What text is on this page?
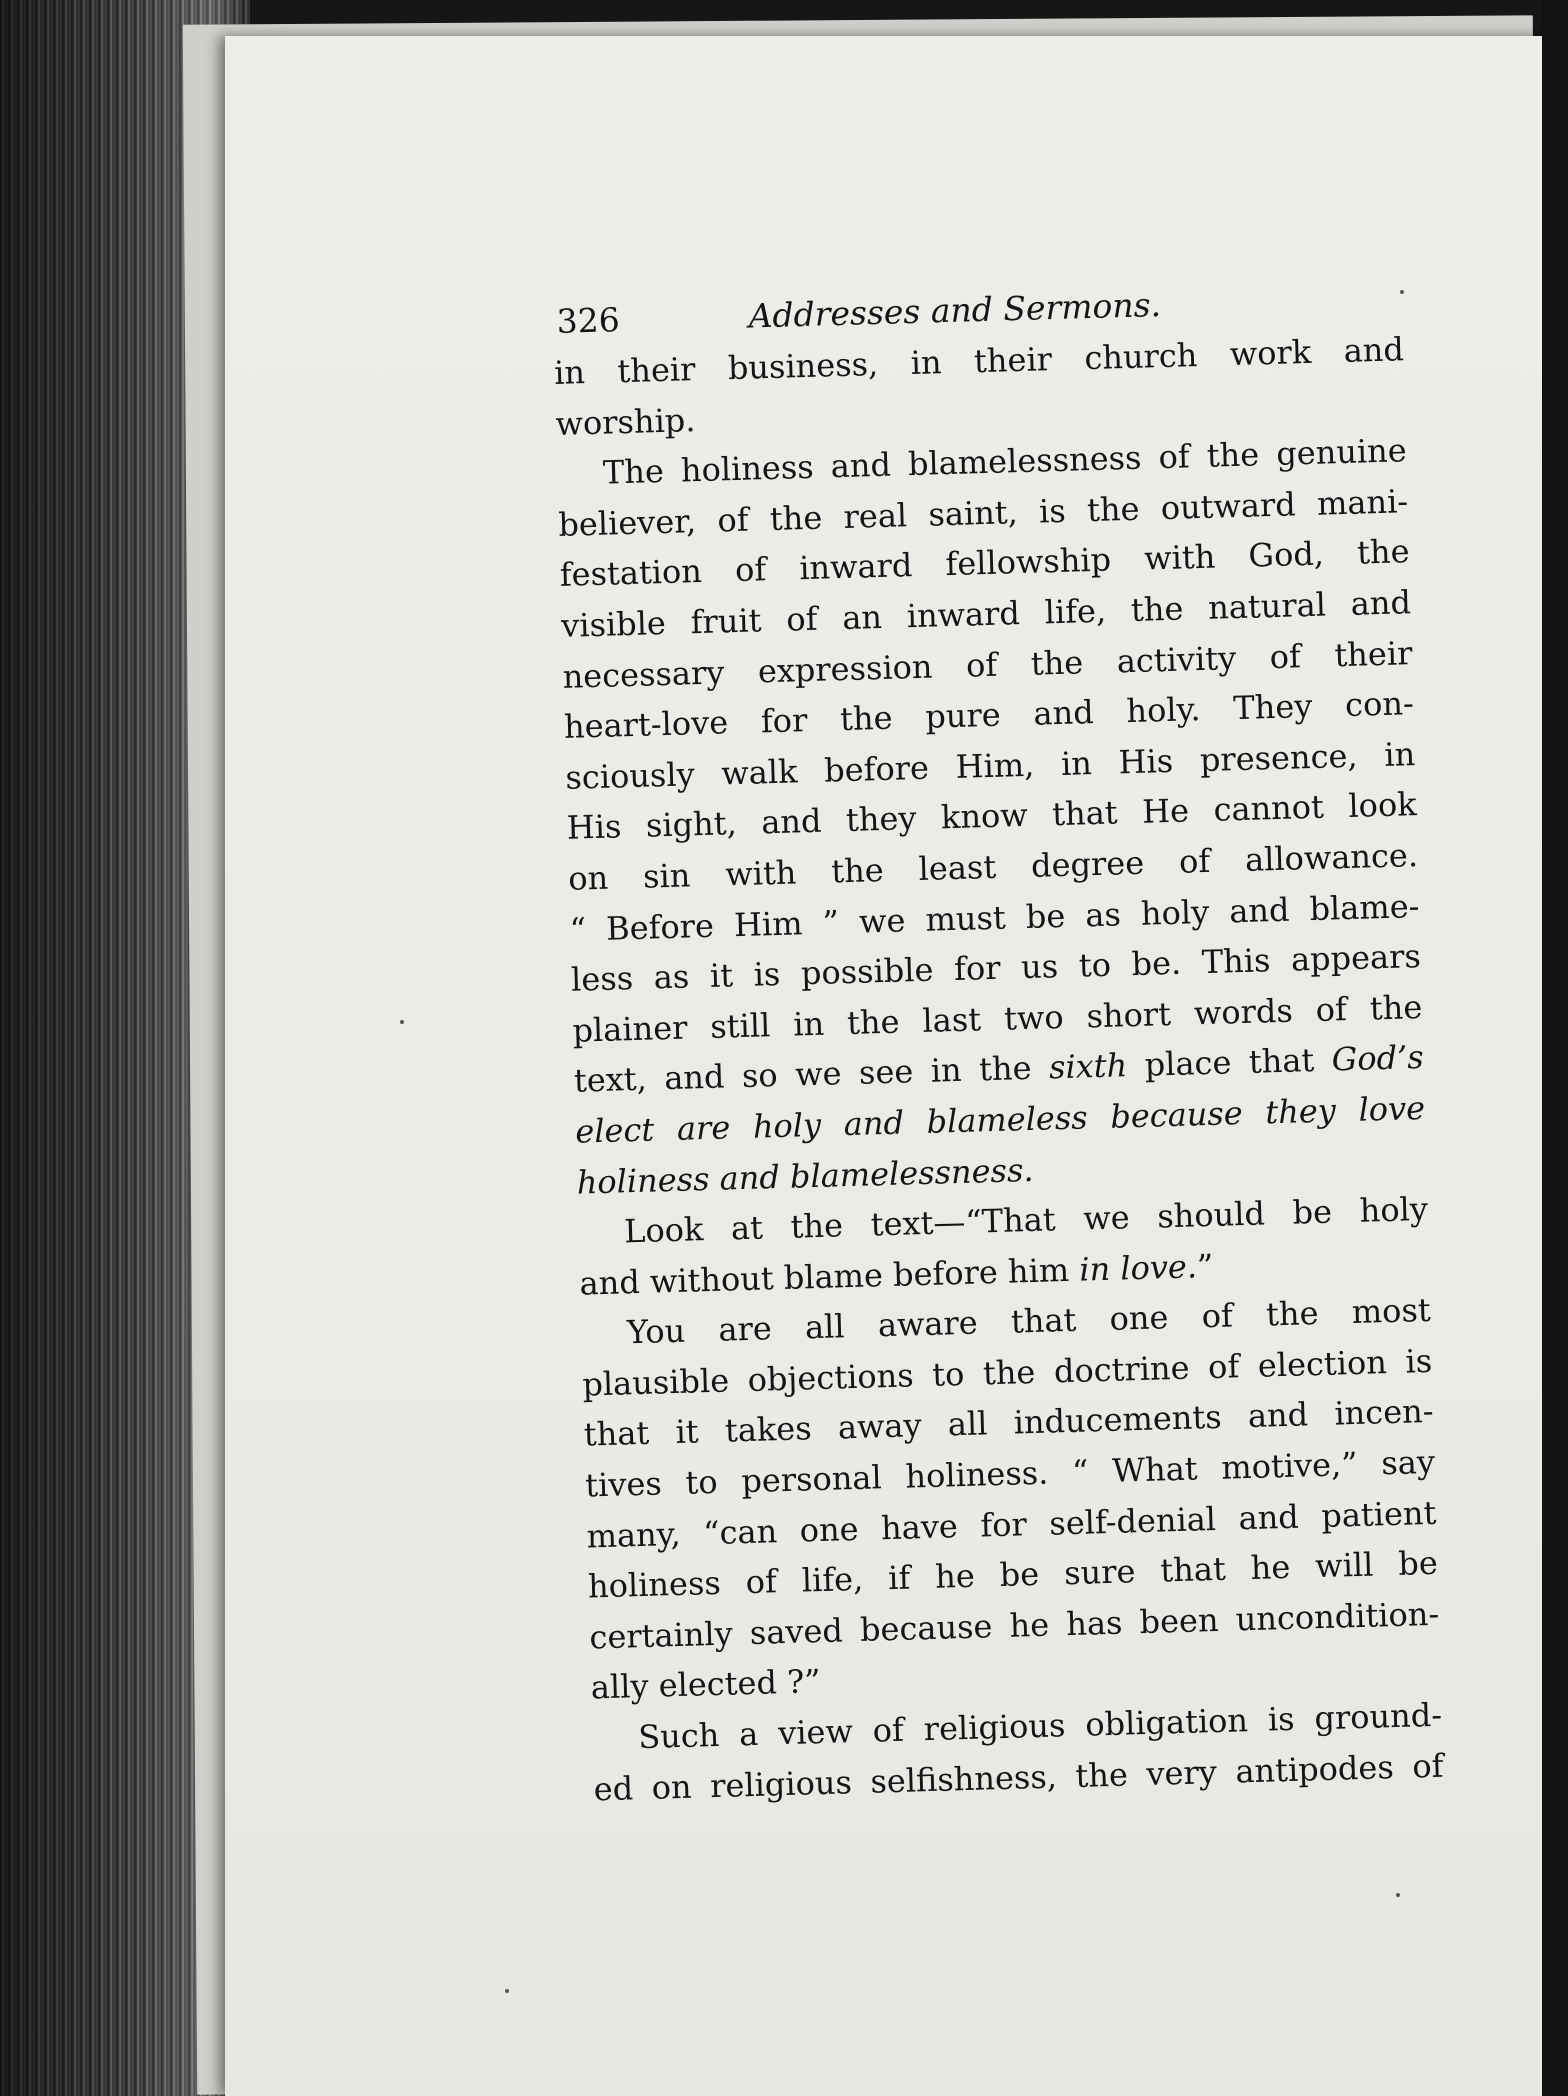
326	Addresses and Sermons.
in their business, in their church work and
worship.
The holiness and blamelessness of the genuine
believer, of the real saint, is the outward mani-
festation of inward fellowship with God, the
visible fruit of an inward life, the natural and
necessary expression of the activity of their
heart-love for the pure and holy. They con-
sciously walk before Him, in His presence, in
His sight, and they know that He cannot look
on sin with the least degree of allowance.
“ Before Him ” we must be as holy and blame-
less as it is possible for us to be. This appears
plainer still in the last two short words of the
text, and so we see in the sixth place that God’s
elect are holy and blameless because they love
holiness and blamelessness.
Look at the text—“That we should be holy
and without blame before him in love.”
You are all aware that one of the most
plausible objections to the doctrine of election is
that it takes away all inducements and incen-
tives to personal holiness. “ What motive,” say
many, “can one have for self-denial and patient
holiness of life, if he be sure that he will be
certainly saved because he has been uncondition-
ally elected ?”
Such a view of religious obligation is ground-
ed on religious selfishness, the very antipodes of
